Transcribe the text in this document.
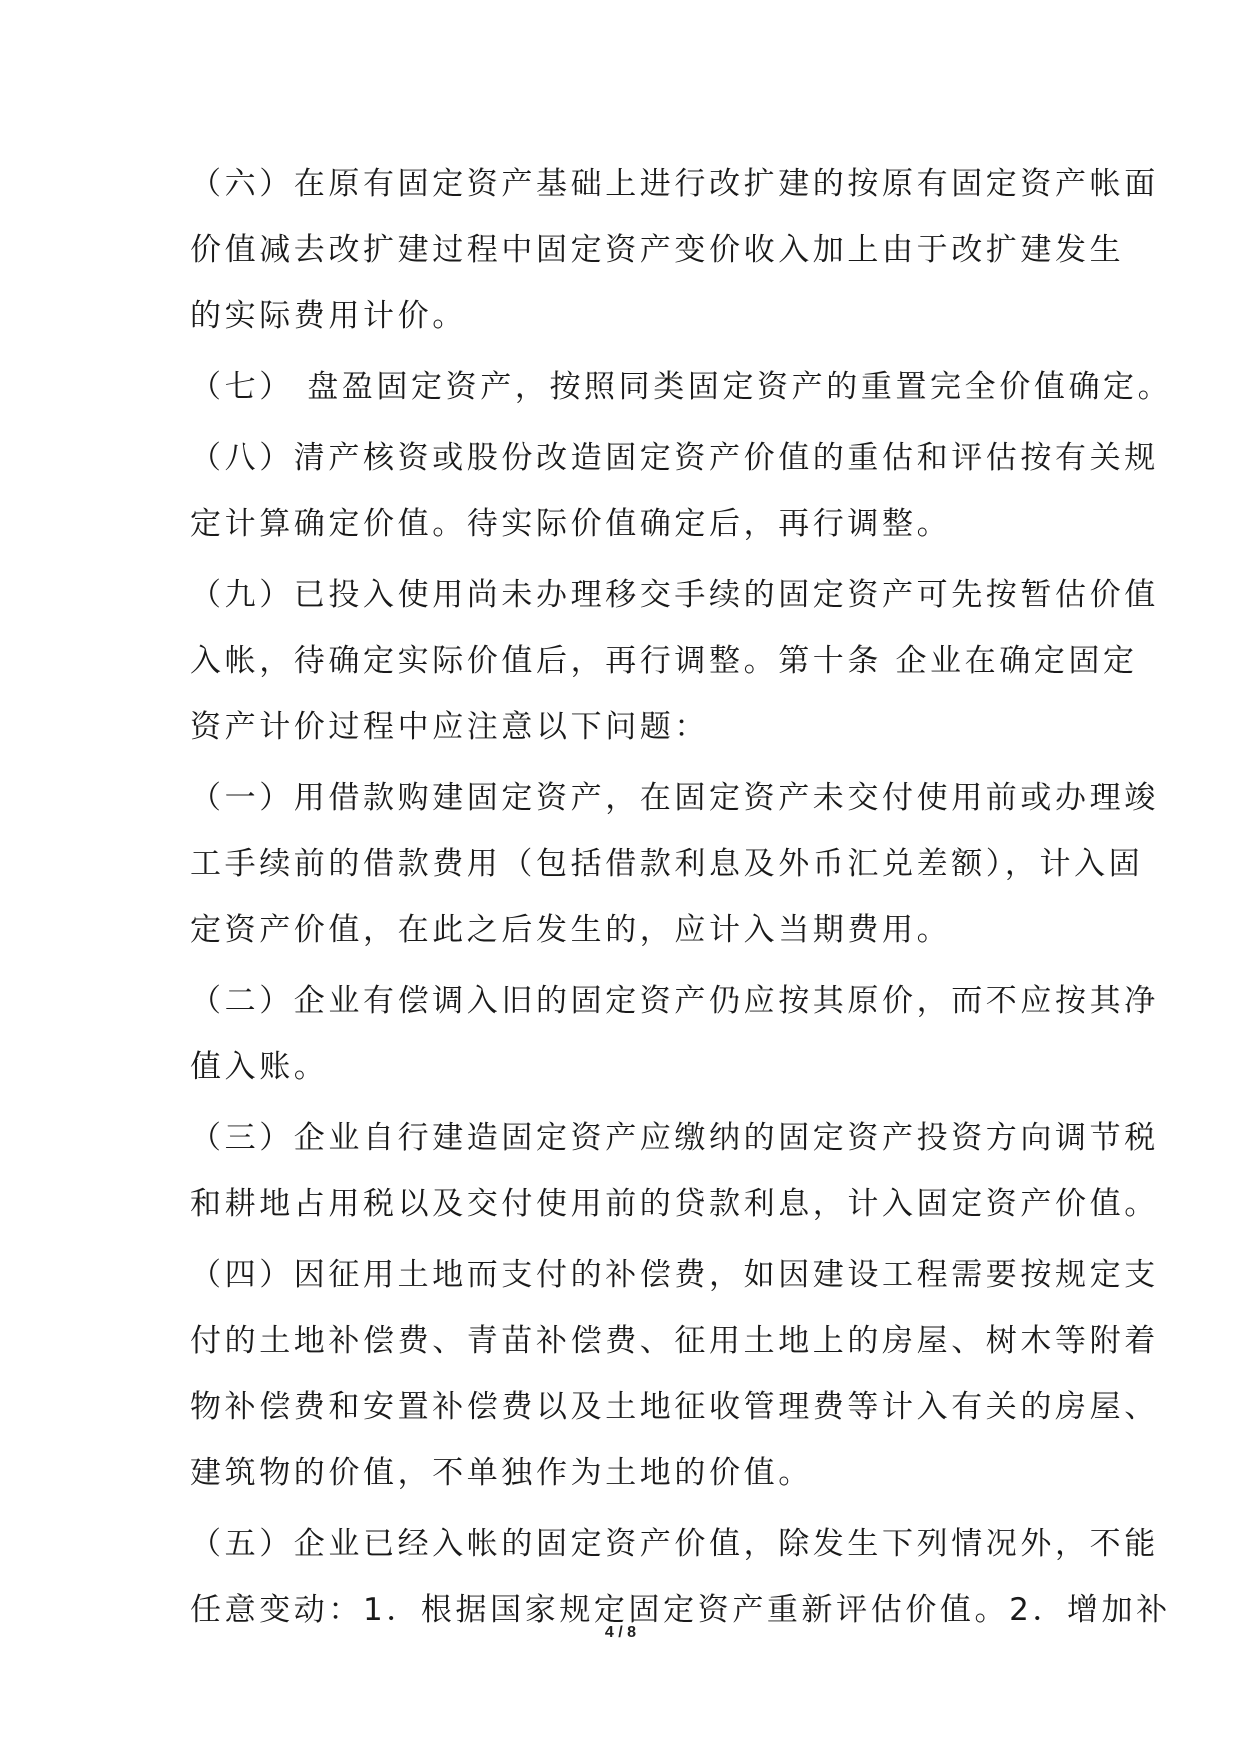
（六）在原有固定资产基础上进行改扩建的按原有固定资产帐面
价值减去改扩建过程中固定资产变价收入加上由于改扩建发生
的实际费用计价。

（七） 盘盈固定资产，按照同类固定资产的重置完全价值确定。

（八）清产核资或股份改造固定资产价值的重估和评估按有关规
定计算确定价值。待实际价值确定后，再行调整。

（九）已投入使用尚未办理移交手续的固定资产可先按暂估价值
入帐，待确定实际价值后，再行调整。第十条 企业在确定固定
资产计价过程中应注意以下问题：

（一）用借款购建固定资产，在固定资产未交付使用前或办理竣
工手续前的借款费用（包括借款利息及外币汇兑差额），计入固
定资产价值，在此之后发生的，应计入当期费用。

（二）企业有偿调入旧的固定资产仍应按其原价，而不应按其净
值入账。

（三）企业自行建造固定资产应缴纳的固定资产投资方向调节税
和耕地占用税以及交付使用前的贷款利息，计入固定资产价值。

（四）因征用土地而支付的补偿费，如因建设工程需要按规定支
付的土地补偿费、青苗补偿费、征用土地上的房屋、树木等附着
物补偿费和安置补偿费以及土地征收管理费等计入有关的房屋、
建筑物的价值，不单独作为土地的价值。

（五）企业已经入帐的固定资产价值，除发生下列情况外，不能
任意变动：1．根据国家规定固定资产重新评估价值。2．增加补

4 / 8
